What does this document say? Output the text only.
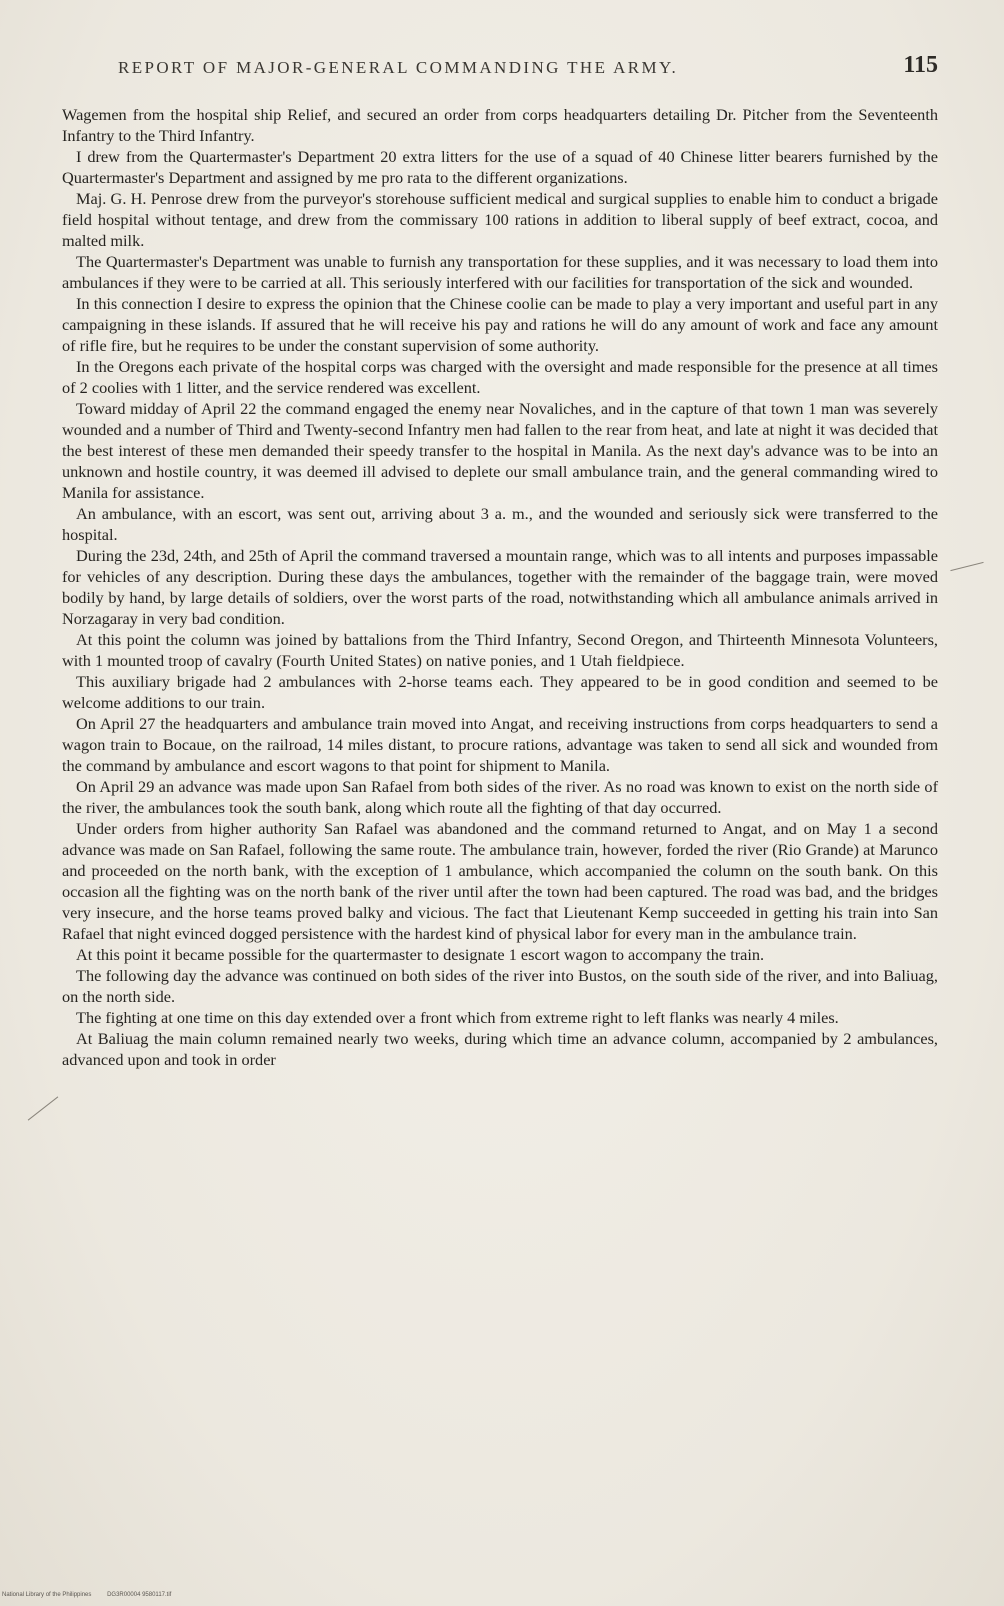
REPORT OF MAJOR-GENERAL COMMANDING THE ARMY.	115

Wagemen from the hospital ship Relief, and secured an order from corps headquarters detailing Dr. Pitcher from the Seventeenth Infantry to the Third Infantry.

I drew from the Quartermaster's Department 20 extra litters for the use of a squad of 40 Chinese litter bearers furnished by the Quartermaster's Department and assigned by me pro rata to the different organizations.

Maj. G. H. Penrose drew from the purveyor's storehouse sufficient medical and surgical supplies to enable him to conduct a brigade field hospital without tentage, and drew from the commissary 100 rations in addition to liberal supply of beef extract, cocoa, and malted milk.

The Quartermaster's Department was unable to furnish any transportation for these supplies, and it was necessary to load them into ambulances if they were to be carried at all. This seriously interfered with our facilities for transportation of the sick and wounded.

In this connection I desire to express the opinion that the Chinese coolie can be made to play a very important and useful part in any campaigning in these islands. If assured that he will receive his pay and rations he will do any amount of work and face any amount of rifle fire, but he requires to be under the constant supervision of some authority.

In the Oregons each private of the hospital corps was charged with the oversight and made responsible for the presence at all times of 2 coolies with 1 litter, and the service rendered was excellent.

Toward midday of April 22 the command engaged the enemy near Novaliches, and in the capture of that town 1 man was severely wounded and a number of Third and Twenty-second Infantry men had fallen to the rear from heat, and late at night it was decided that the best interest of these men demanded their speedy transfer to the hospital in Manila. As the next day's advance was to be into an unknown and hostile country, it was deemed ill advised to deplete our small ambulance train, and the general commanding wired to Manila for assistance.

An ambulance, with an escort, was sent out, arriving about 3 a. m., and the wounded and seriously sick were transferred to the hospital.

During the 23d, 24th, and 25th of April the command traversed a mountain range, which was to all intents and purposes impassable for vehicles of any description. During these days the ambulances, together with the remainder of the baggage train, were moved bodily by hand, by large details of soldiers, over the worst parts of the road, notwithstanding which all ambulance animals arrived in Norzagaray in very bad condition.

At this point the column was joined by battalions from the Third Infantry, Second Oregon, and Thirteenth Minnesota Volunteers, with 1 mounted troop of cavalry (Fourth United States) on native ponies, and 1 Utah fieldpiece.

This auxiliary brigade had 2 ambulances with 2-horse teams each. They appeared to be in good condition and seemed to be welcome additions to our train.

On April 27 the headquarters and ambulance train moved into Angat, and receiving instructions from corps headquarters to send a wagon train to Bocaue, on the railroad, 14 miles distant, to procure rations, advantage was taken to send all sick and wounded from the command by ambulance and escort wagons to that point for shipment to Manila.

On April 29 an advance was made upon San Rafael from both sides of the river. As no road was known to exist on the north side of the river, the ambulances took the south bank, along which route all the fighting of that day occurred.

Under orders from higher authority San Rafael was abandoned and the command returned to Angat, and on May 1 a second advance was made on San Rafael, following the same route. The ambulance train, however, forded the river (Rio Grande) at Marunco and proceeded on the north bank, with the exception of 1 ambulance, which accompanied the column on the south bank. On this occasion all the fighting was on the north bank of the river until after the town had been captured. The road was bad, and the bridges very insecure, and the horse teams proved balky and vicious. The fact that Lieutenant Kemp succeeded in getting his train into San Rafael that night evinced dogged persistence with the hardest kind of physical labor for every man in the ambulance train.

At this point it became possible for the quartermaster to designate 1 escort wagon to accompany the train.

The following day the advance was continued on both sides of the river into Bustos, on the south side of the river, and into Baliuag, on the north side.

The fighting at one time on this day extended over a front which from extreme right to left flanks was nearly 4 miles.

At Baliuag the main column remained nearly two weeks, during which time an advance column, accompanied by 2 ambulances, advanced upon and took in order

National Library of the Philippines	DG3R00004 9580117.tif
